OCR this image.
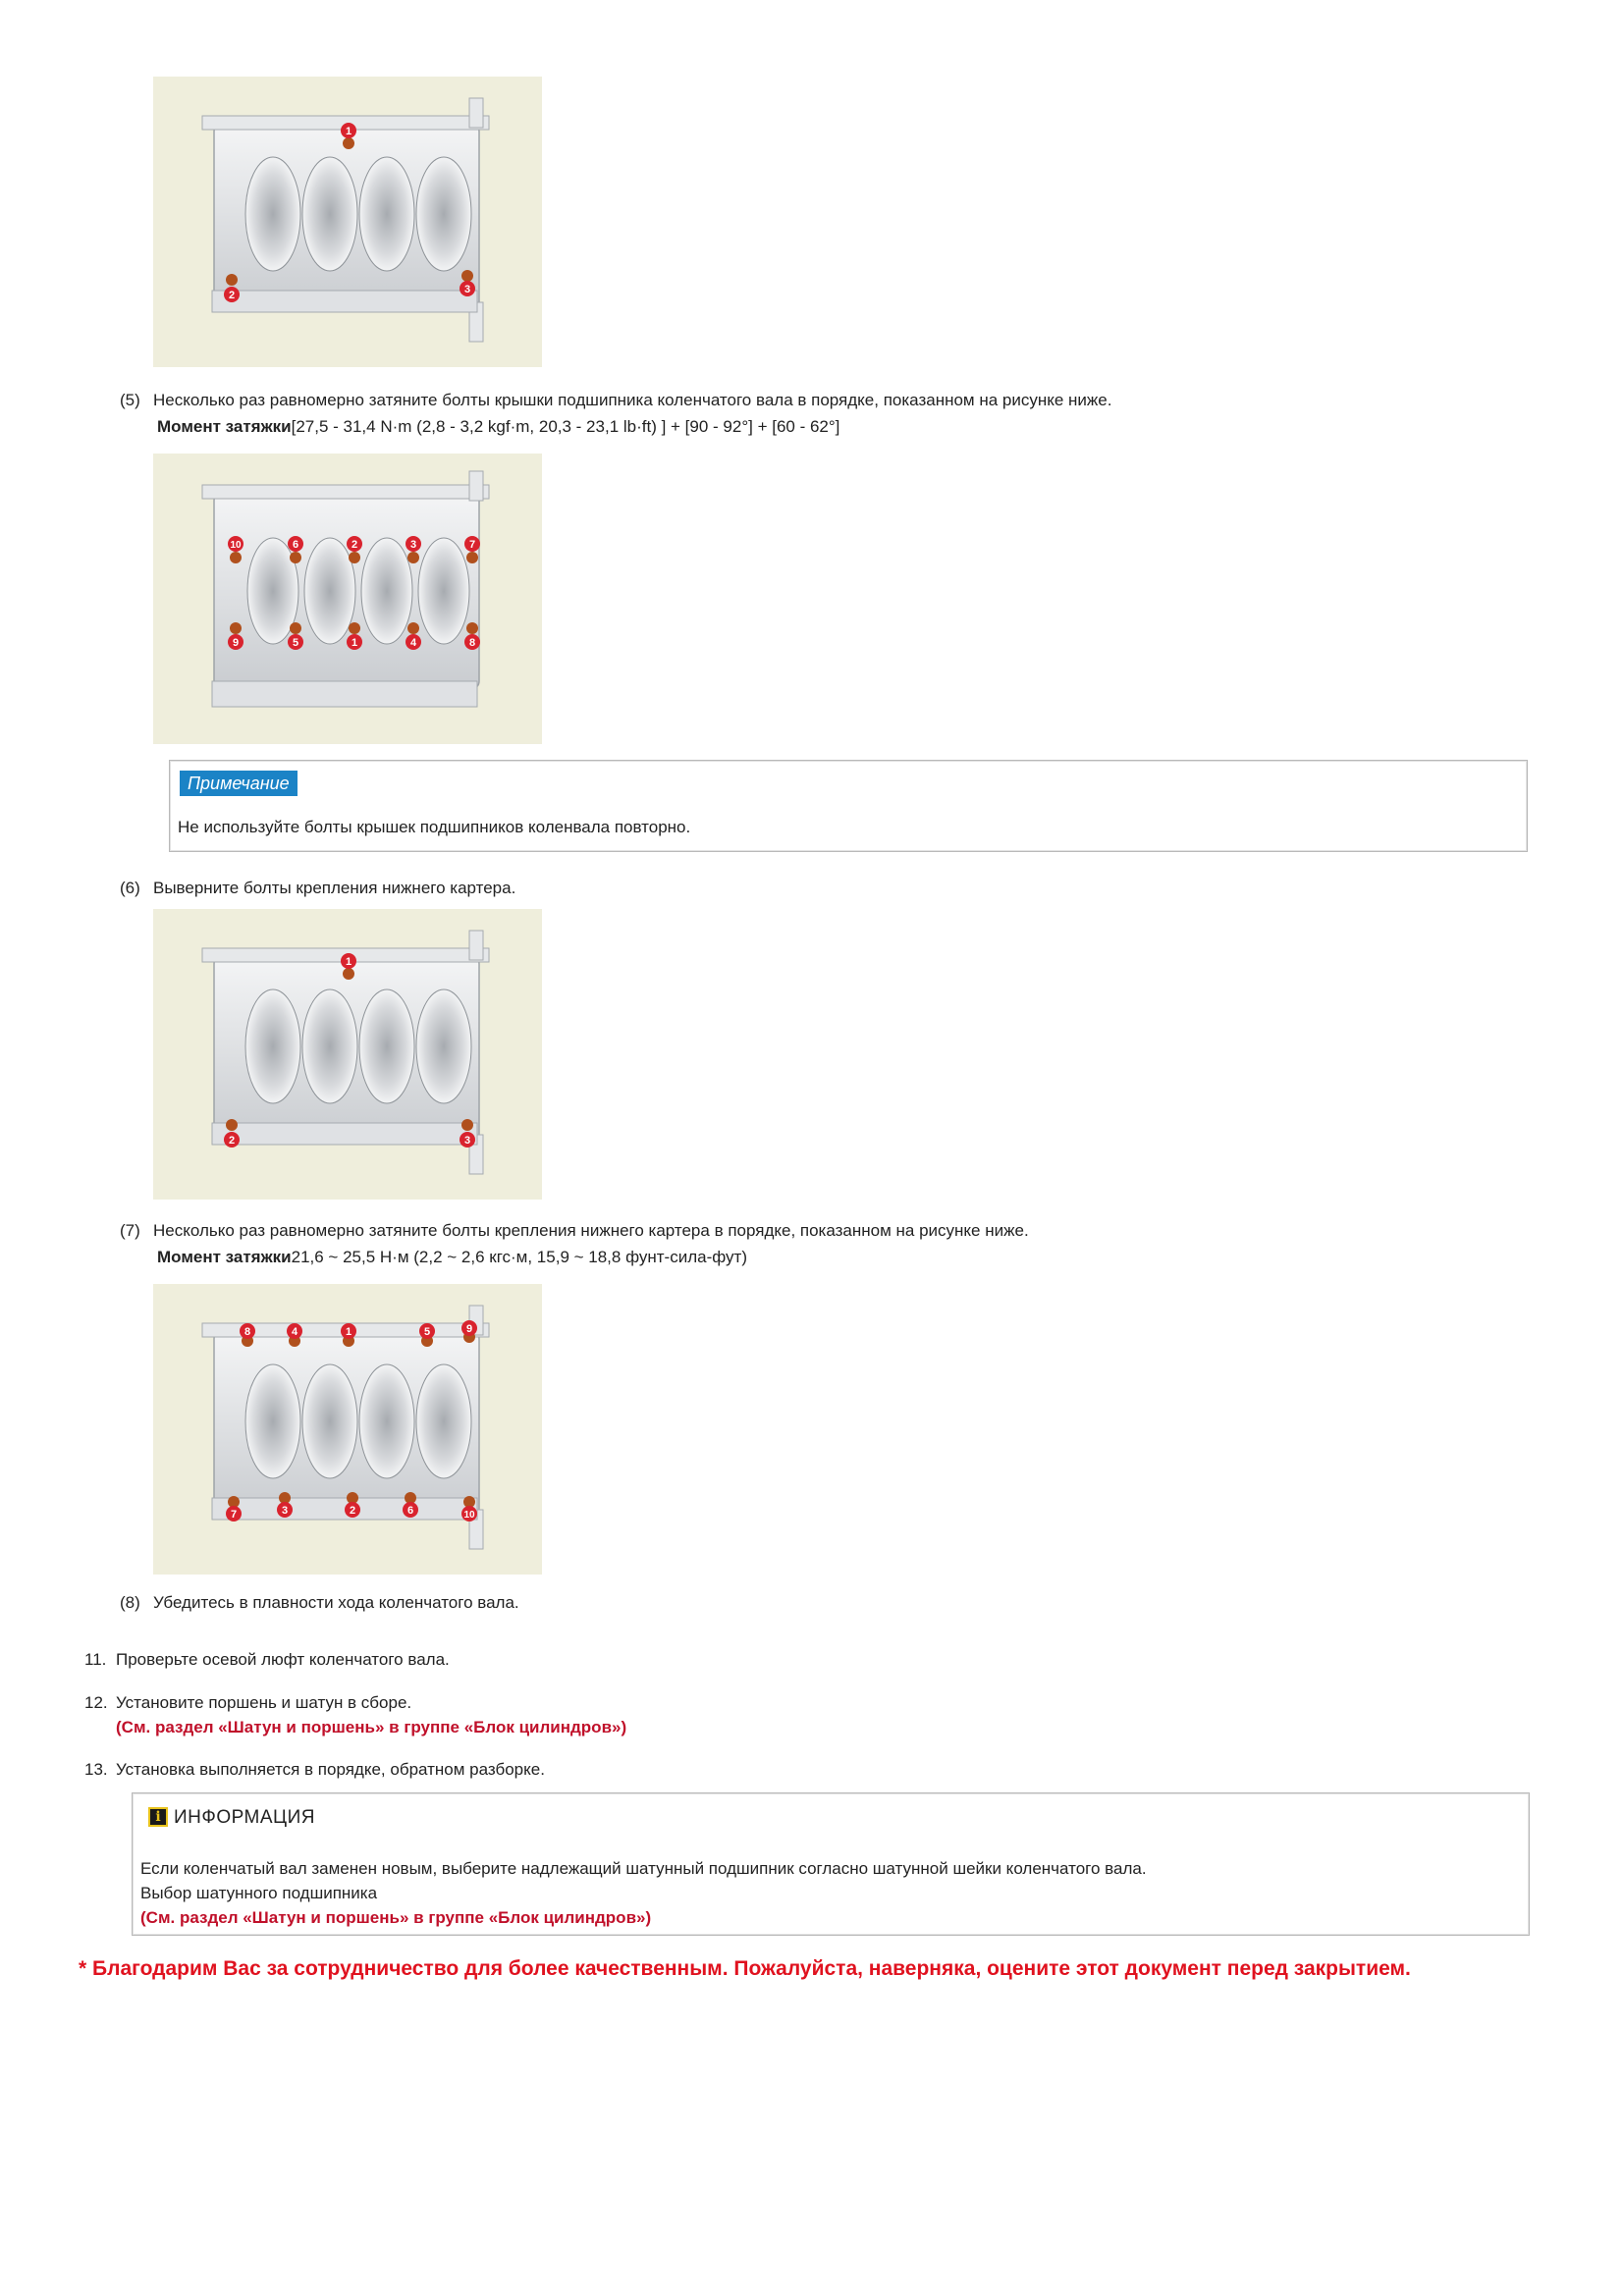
1
2	3
(5) Несколько раз равномерно затяните болты крышки подшипника коленчатого вала в порядке, показанном на рисунке ниже.
Момент затяжки[27,5 - 31,4 N·m (2,8 - 3,2 kgf·m, 20,3 - 23,1 lb·ft) ] + [90 - 92°] + [60 - 62°]
10	6	2	3	7
9	5	1	4	8
Примечание
Не используйте болты крышек подшипников коленвала повторно.
(6) Выверните болты крепления нижнего картера.
1
2	3
(7) Несколько раз равномерно затяните болты крепления нижнего картера в порядке, показанном на рисунке ниже.
Момент затяжки21,6 ~ 25,5 Н·м (2,2 ~ 2,6 кгс·м, 15,9 ~ 18,8 фунт-сила-фут)
8	4	1	5	9
7	3	2	6	10
(8) Убедитесь в плавности хода коленчатого вала.
11. Проверьте осевой люфт коленчатого вала.
12. Установите поршень и шатун в сборе.
(См. раздел «Шатун и поршень» в группе «Блок цилиндров»)
13. Установка выполняется в порядке, обратном разборке.
i ИНФОРМАЦИЯ
Если коленчатый вал заменен новым, выберите надлежащий шатунный подшипник согласно шатунной шейки коленчатого вала.
Выбор шатунного подшипника
(См. раздел «Шатун и поршень» в группе «Блок цилиндров»)
* Благодарим Вас за сотрудничество для более качественным. Пожалуйста, наверняка, оцените этот документ перед закрытием.
